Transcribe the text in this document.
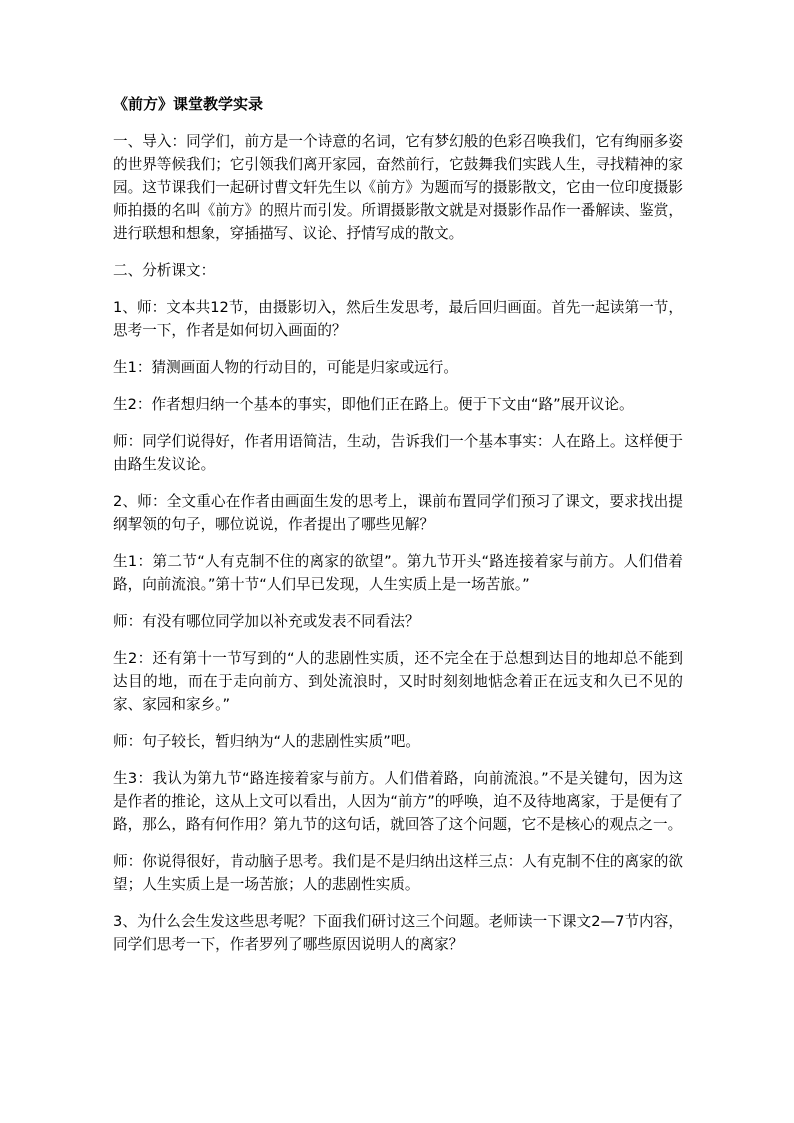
《前方》课堂教学实录
一、导入：同学们，前方是一个诗意的名词，它有梦幻般的色彩召唤我们，它有绚丽多姿的世界等候我们；它引领我们离开家园，奋然前行，它鼓舞我们实践人生，寻找精神的家园。这节课我们一起研讨曹文轩先生以《前方》为题而写的摄影散文，它由一位印度摄影师拍摄的名叫《前方》的照片而引发。所谓摄影散文就是对摄影作品作一番解读、鉴赏，进行联想和想象，穿插描写、议论、抒情写成的散文。
二、分析课文：
1、师：文本共12节，由摄影切入，然后生发思考，最后回归画面。首先一起读第一节，思考一下，作者是如何切入画面的？
生1：猜测画面人物的行动目的，可能是归家或远行。
生2：作者想归纳一个基本的事实，即他们正在路上。便于下文由“路”展开议论。
师：同学们说得好，作者用语简洁，生动，告诉我们一个基本事实：人在路上。这样便于由路生发议论。
2、师：全文重心在作者由画面生发的思考上，课前布置同学们预习了课文，要求找出提纲挈领的句子，哪位说说，作者提出了哪些见解？
生1：第二节“人有克制不住的离家的欲望”。第九节开头“路连接着家与前方。人们借着路，向前流浪。”第十节“人们早已发现，人生实质上是一场苦旅。”
师：有没有哪位同学加以补充或发表不同看法？
生2：还有第十一节写到的“人的悲剧性实质，还不完全在于总想到达目的地却总不能到达目的地，而在于走向前方、到处流浪时，又时时刻刻地惦念着正在远支和久已不见的家、家园和家乡。”
师：句子较长，暂归纳为“人的悲剧性实质”吧。
生3：我认为第九节“路连接着家与前方。人们借着路，向前流浪。”不是关键句，因为这是作者的推论，这从上文可以看出，人因为“前方”的呼唤，迫不及待地离家，于是便有了路，那么，路有何作用？第九节的这句话，就回答了这个问题，它不是核心的观点之一。
师：你说得很好，肯动脑子思考。我们是不是归纳出这样三点：人有克制不住的离家的欲望；人生实质上是一场苦旅；人的悲剧性实质。
3、为什么会生发这些思考呢？下面我们研讨这三个问题。老师读一下课文2—7节内容，同学们思考一下，作者罗列了哪些原因说明人的离家？
